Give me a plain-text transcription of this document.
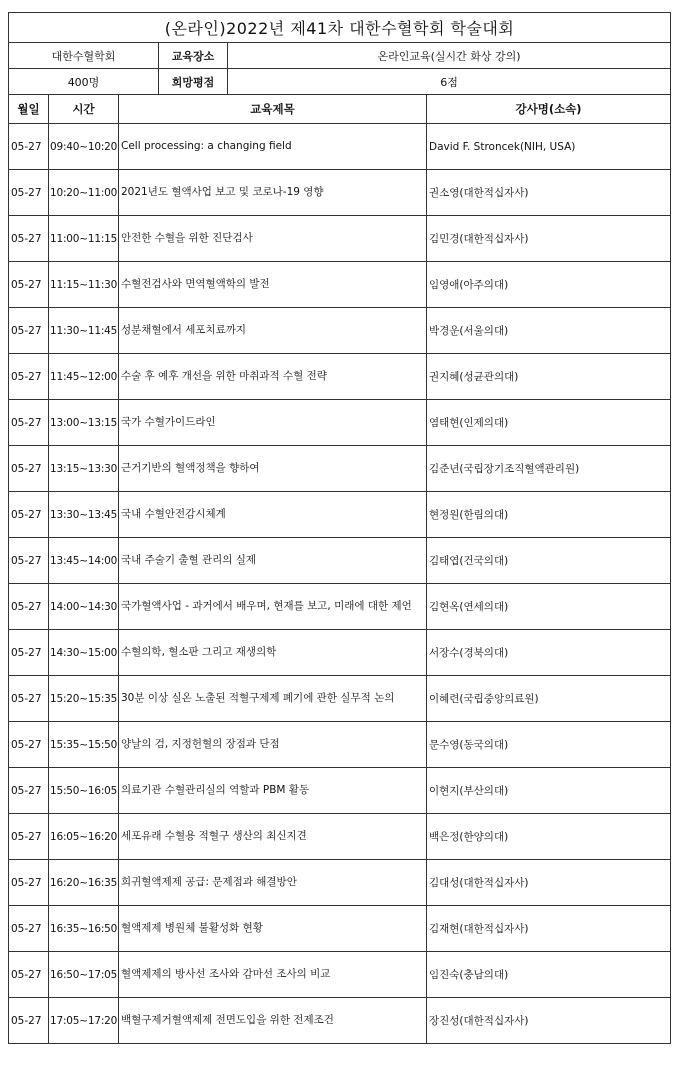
(온라인)2022년 제41차 대한수혈학회 학술대회					
대한수혈학회			교육장소	온라인교육(실시간 화상 강의)	
400명			희망평점	6점	
월일	시간	교육제목			강사명(소속)
05-27	09:40~10:20	Cell processing: a changing field			David F. Stroncek(NIH, USA)
05-27	10:20~11:00	2021년도 혈액사업 보고 및 코로나-19 영향			권소영(대한적십자사)
05-27	11:00~11:15	안전한 수혈을 위한 진단검사			김민경(대한적십자사)
05-27	11:15~11:30	수혈전검사와 면역혈액학의 발전			임영애(아주의대)
05-27	11:30~11:45	성분채혈에서 세포치료까지			박경운(서울의대)
05-27	11:45~12:00	수술 후 예후 개선을 위한 마취과적 수혈 전략			권지혜(성균관의대)
05-27	13:00~13:15	국가 수혈가이드라인			염태현(인제의대)
05-27	13:15~13:30	근거기반의 혈액정책을 향하여			김준년(국립장기조직혈액관리원)
05-27	13:30~13:45	국내 수혈안전감시체계			현정원(한림의대)
05-27	13:45~14:00	국내 주술기 출혈 관리의 실제			김태엽(건국의대)
05-27	14:00~14:30	국가혈액사업 - 과거에서 배우며, 현재를 보고, 미래에 대한 제언			김현옥(연세의대)
05-27	14:30~15:00	수혈의학, 혈소판 그리고 재생의학			서장수(경북의대)
05-27	15:20~15:35	30분 이상 실온 노출된 적혈구제제 폐기에 관한 실무적 논의			이혜련(국립중앙의료원)
05-27	15:35~15:50	양날의 검, 지정헌혈의 장점과 단점			문수영(동국의대)
05-27	15:50~16:05	의료기관 수혈관리실의 역할과 PBM 활동			이현지(부산의대)
05-27	16:05~16:20	세포유래 수혈용 적혈구 생산의 최신지견			백은정(한양의대)
05-27	16:20~16:35	희귀혈액제제 공급: 문제점과 해결방안			김대성(대한적십자사)
05-27	16:35~16:50	혈액제제 병원체 불활성화 현황			김재현(대한적십자사)
05-27	16:50~17:05	혈액제제의 방사선 조사와 감마선 조사의 비교			임진숙(충남의대)
05-27	17:05~17:20	백혈구제거혈액제제 전면도입을 위한 전제조건			장진성(대한적십자사)
